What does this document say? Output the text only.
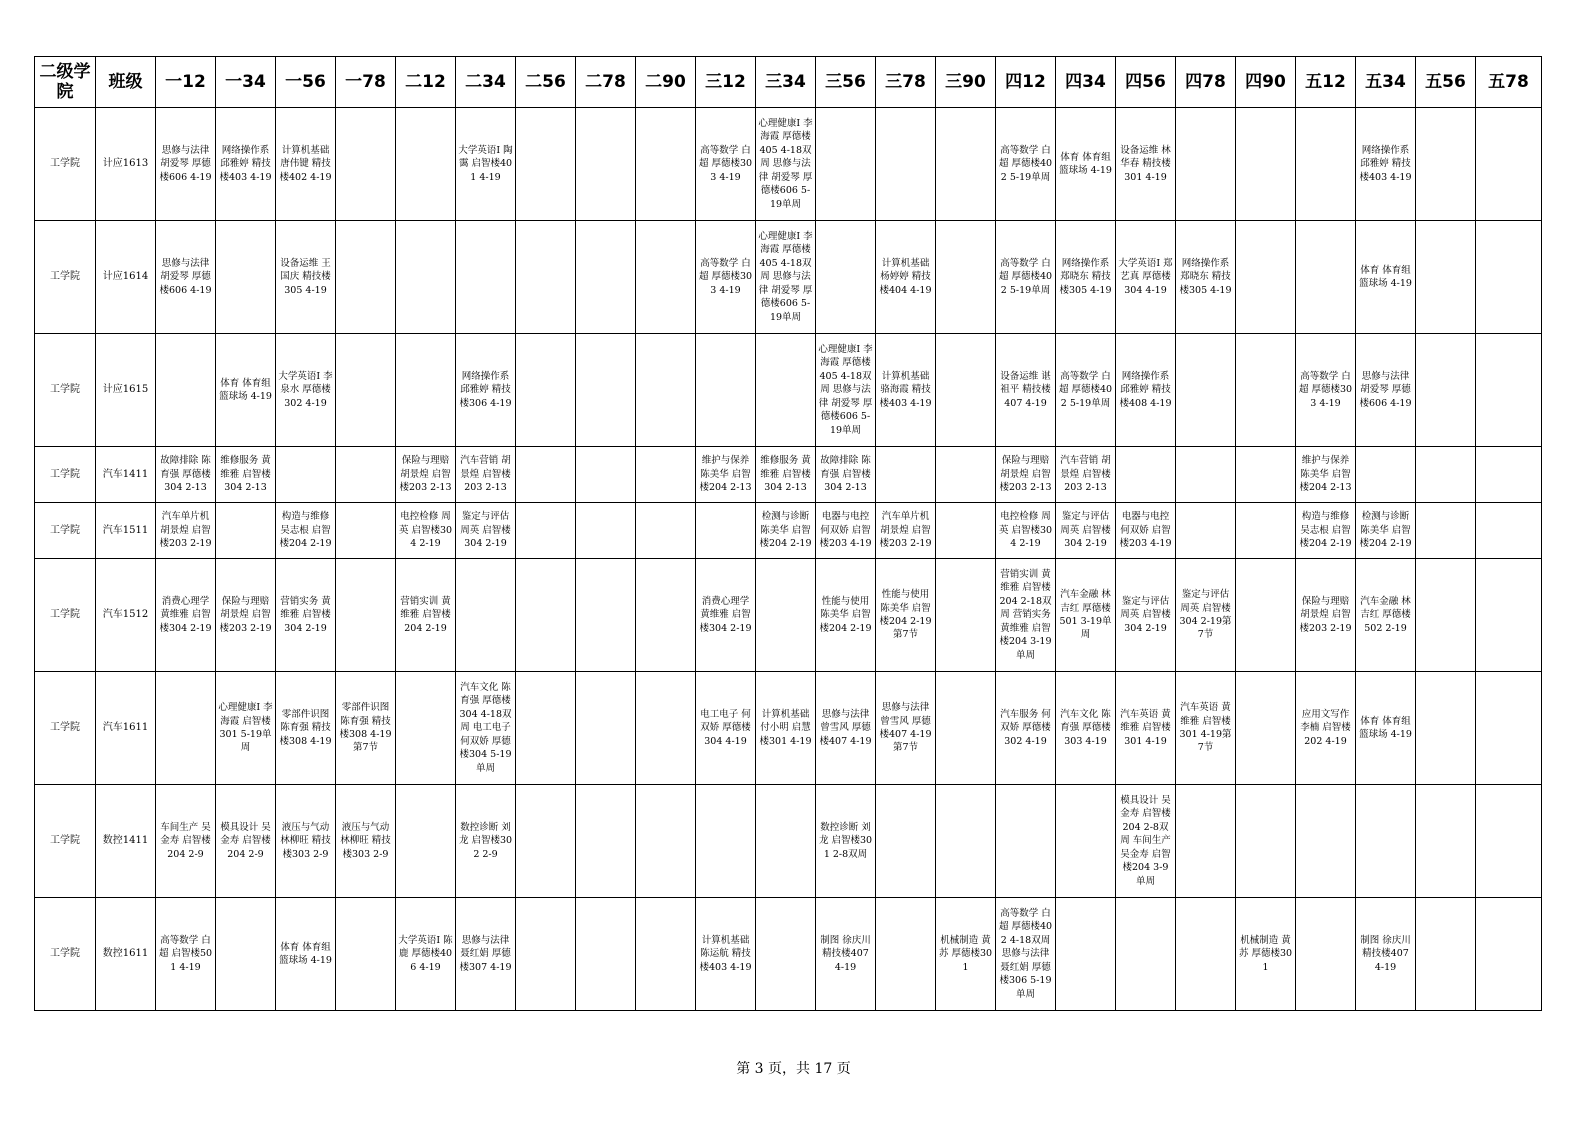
二级学院	班级	一12	一34	一56	一78	二12	二34	二56	二78	二90	三12	三34	三56	三78	三90	四12	四34	四56	四78	四90	五12	五34	五56	五78
工学院	计应1613	思修与法律 胡爱琴 厚德楼606 4-19	网络操作系 邱雅婷 精技楼403 4-19	计算机基础 唐伟键 精技楼402 4-19			大学英语Ⅰ 陶霭 启智楼401 4-19				高等数学 白超 厚德楼303 4-19	心理健康Ⅰ 李海霞 厚德楼405 4-18双周 思修与法律 胡爱琴 厚德楼606 5-19单周				高等数学 白超 厚德楼402 5-19单周	体育 体育组 篮球场 4-19	设备运维 林华春 精技楼301 4-19				网络操作系 邱雅婷 精技楼403 4-19		
工学院	计应1614	思修与法律 胡爱琴 厚德楼606 4-19		设备运维 王国庆 精技楼305 4-19							高等数学 白超 厚德楼303 4-19	心理健康Ⅰ 李海霞 厚德楼405 4-18双周 思修与法律 胡爱琴 厚德楼606 5-19单周		计算机基础 杨婷婷 精技楼404 4-19		高等数学 白超 厚德楼402 5-19单周	网络操作系 郑晓东 精技楼305 4-19	大学英语Ⅰ 郑艺真 厚德楼304 4-19	网络操作系 郑晓东 精技楼305 4-19			体育 体育组 篮球场 4-19		
工学院	计应1615		体育 体育组 篮球场 4-19	大学英语Ⅰ 李泉水 厚德楼302 4-19			网络操作系 邱雅婷 精技楼306 4-19						心理健康Ⅰ 李海霞 厚德楼405 4-18双周 思修与法律 胡爱琴 厚德楼606 5-19单周	计算机基础 骆海霞 精技楼403 4-19		设备运维 谌祖平 精技楼407 4-19	高等数学 白超 厚德楼402 5-19单周	网络操作系 邱雅婷 精技楼408 4-19			高等数学 白超 厚德楼303 4-19	思修与法律 胡爱琴 厚德楼606 4-19		
工学院	汽车1411	故障排除 陈育强 厚德楼304 2-13	维修服务 黄维雅 启智楼304 2-13			保险与理赔 胡景煌 启智楼203 2-13	汽车营销 胡景煌 启智楼203 2-13				维护与保养 陈美华 启智楼204 2-13	维修服务 黄维雅 启智楼304 2-13	故障排除 陈育强 启智楼304 2-13			保险与理赔 胡景煌 启智楼203 2-13	汽车营销 胡景煌 启智楼203 2-13				维护与保养 陈美华 启智楼204 2-13			
工学院	汽车1511	汽车单片机 胡景煌 启智楼203 2-19		构造与维修 吴志根 启智楼204 2-19		电控检修 周英 启智楼304 2-19	鉴定与评估 周英 启智楼304 2-19					检测与诊断 陈美华 启智楼204 2-19	电器与电控 何双娇 启智楼203 4-19	汽车单片机 胡景煌 启智楼203 2-19		电控检修 周英 启智楼304 2-19	鉴定与评估 周英 启智楼304 2-19	电器与电控 何双娇 启智楼203 4-19			构造与维修 吴志根 启智楼204 2-19	检测与诊断 陈美华 启智楼204 2-19		
工学院	汽车1512	消费心理学 黄维雅 启智楼304 2-19	保险与理赔 胡景煌 启智楼203 2-19	营销实务 黄维雅 启智楼304 2-19		营销实训 黄维雅 启智楼204 2-19					消费心理学 黄维雅 启智楼304 2-19		性能与使用 陈美华 启智楼204 2-19	性能与使用 陈美华 启智楼204 2-19第7节		营销实训 黄维雅 启智楼204 2-18双周 营销实务 黄维雅 启智楼204 3-19单周	汽车金融 林吉红 厚德楼501 3-19单周	鉴定与评估 周英 启智楼304 2-19	鉴定与评估 周英 启智楼304 2-19第7节		保险与理赔 胡景煌 启智楼203 2-19	汽车金融 林吉红 厚德楼502 2-19		
工学院	汽车1611		心理健康Ⅰ 李海霞 启智楼301 5-19单周	零部件识图 陈育强 精技楼308 4-19	零部件识图 陈育强 精技楼308 4-19第7节		汽车文化 陈育强 厚德楼304 4-18双周 电工电子 何双娇 厚德楼304 5-19单周				电工电子 何双娇 厚德楼304 4-19	计算机基础 付小明 启慧楼301 4-19	思修与法律 曾雪风 厚德楼407 4-19	思修与法律 曾雪风 厚德楼407 4-19第7节		汽车服务 何双娇 厚德楼302 4-19	汽车文化 陈育强 厚德楼303 4-19	汽车英语 黄维雅 启智楼301 4-19	汽车英语 黄维雅 启智楼301 4-19第7节		应用文写作 李楠 启智楼202 4-19	体育 体育组 篮球场 4-19		
工学院	数控1411	车间生产 吴金寿 启智楼204 2-9	模具设计 吴金寿 启智楼204 2-9	液压与气动 林柳旺 精技楼303 2-9	液压与气动 林柳旺 精技楼303 2-9		数控诊断 刘龙 启智楼302 2-9						数控诊断 刘龙 启智楼301 2-8双周					模具设计 吴金寿 启智楼204 2-8双周 车间生产 吴金寿 启智楼204 3-9单周						
工学院	数控1611	高等数学 白超 启智楼501 4-19		体育 体育组 篮球场 4-19		大学英语Ⅰ 陈鹿 厚德楼406 4-19	思修与法律 聂红娟 厚德楼307 4-19				计算机基础 陈运航 精技楼403 4-19		制图 徐庆川 精技楼407 4-19		机械制造 黄苏 厚德楼301	高等数学 白超 厚德楼402 4-18双周 思修与法律 聂红娟 厚德楼306 5-19单周				机械制造 黄苏 厚德楼301		制图 徐庆川 精技楼407 4-19		
第 3 页，共 17 页
